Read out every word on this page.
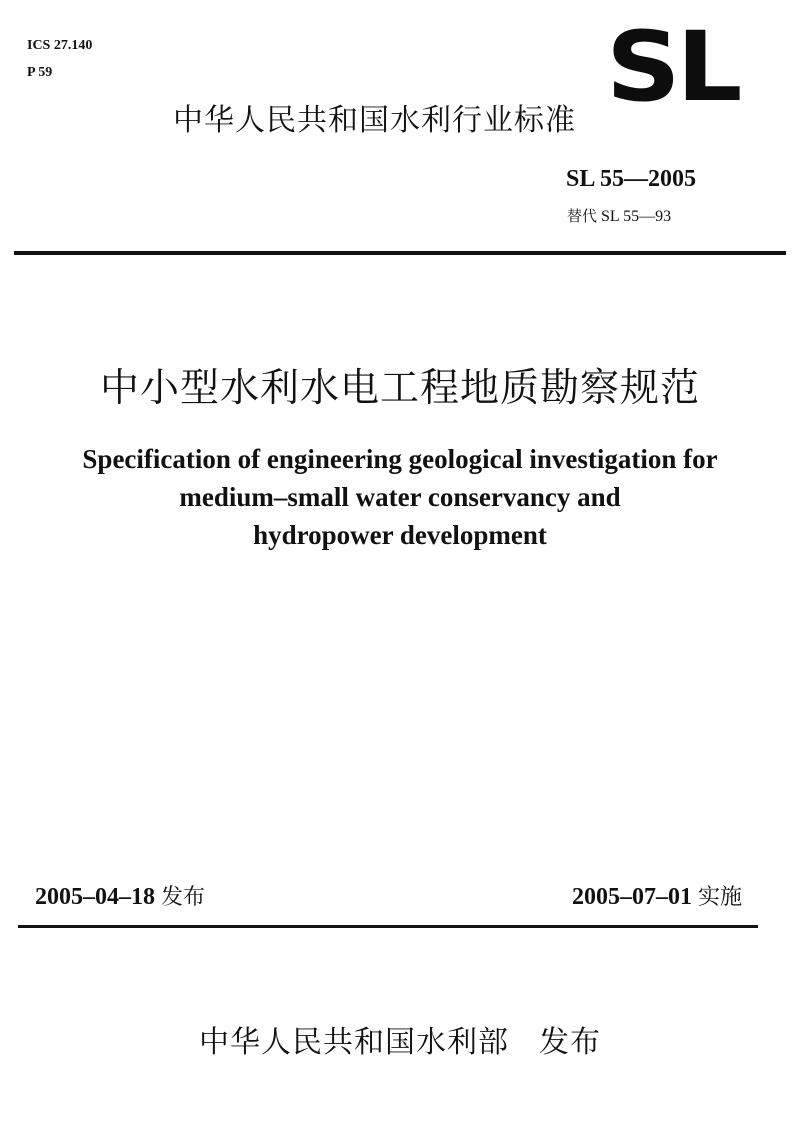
ICS 27.140
P 59	SL
中华人民共和国水利行业标准
SL 55—2005
替代 SL 55—93
中小型水利水电工程地质勘察规范
Specification of engineering geological investigation for
medium–small water conservancy and
hydropower development
2005–04–18 发布	2005–07–01 实施
中华人民共和国水利部 发布
